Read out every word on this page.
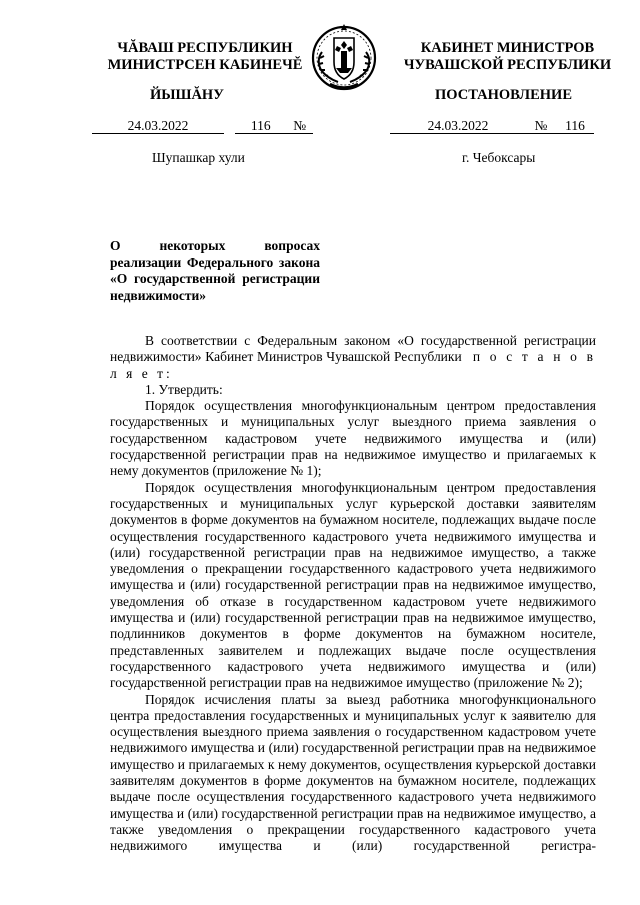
ЧĂВАШ РЕСПУБЛИКИН
МИНИСТРСЕН КАБИНЕЧĔ
КАБИНЕТ МИНИСТРОВ
ЧУВАШСКОЙ РЕСПУБЛИКИ
ЙЫШĂНУ	ПОСТАНОВЛЕНИЕ
24.03.2022	116 №	24.03.2022	№ 116
Шупашкар хули	г. Чебоксары
О некоторых вопросах реализации Федерального закона «О государственной регистрации недвижимости»

В соответствии с Федеральным законом «О государственной регистрации недвижимости» Кабинет Министров Чувашской Республики п о с т а н о в л я е т:

1. Утвердить:

Порядок осуществления многофункциональным центром предоставления государственных и муниципальных услуг выездного приема заявления о государственном кадастровом учете недвижимого имущества и (или) государственной регистрации прав на недвижимое имущество и прилагаемых к нему документов (приложение № 1);

Порядок осуществления многофункциональным центром предоставления государственных и муниципальных услуг курьерской доставки заявителям документов в форме документов на бумажном носителе, подлежащих выдаче после осуществления государственного кадастрового учета недвижимого имущества и (или) государственной регистрации прав на недвижимое имущество, а также уведомления о прекращении государственного кадастрового учета недвижимого имущества и (или) государственной регистрации прав на недвижимое имущество, уведомления об отказе в государственном кадастровом учете недвижимого имущества и (или) государственной регистрации прав на недвижимое имущество, подлинников документов в форме документов на бумажном носителе, представленных заявителем и подлежащих выдаче после осуществления государственного кадастрового учета недвижимого имущества и (или) государственной регистрации прав на недвижимое имущество (приложение № 2);

Порядок исчисления платы за выезд работника многофункционального центра предоставления государственных и муниципальных услуг к заявителю для осуществления выездного приема заявления о государственном кадастровом учете недвижимого имущества и (или) государственной регистрации прав на недвижимое имущество и прилагаемых к нему документов, осуществления курьерской доставки заявителям документов в форме документов на бумажном носителе, подлежащих выдаче после осуществления государственного кадастрового учета недвижимого имущества и (или) государственной регистрации прав на недвижимое имущество, а также уведомления о прекращении государственного кадастрового учета недвижимого имущества и (или) государственной регистра-
